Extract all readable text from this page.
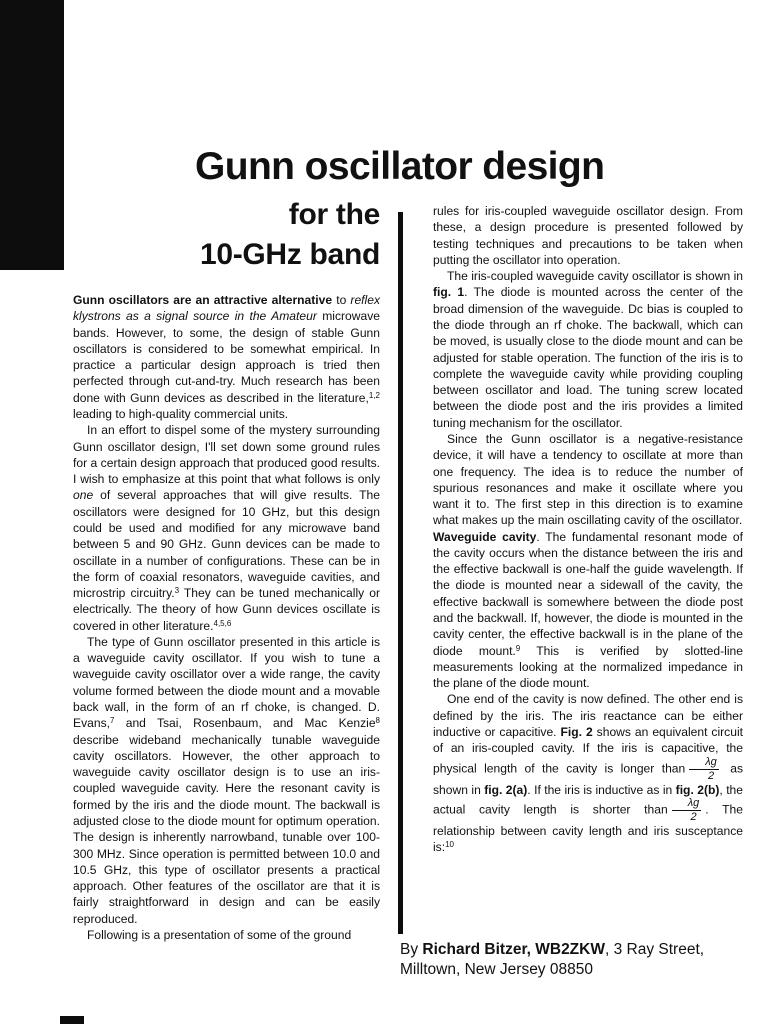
Gunn oscillator design
for the
10-GHz band

Gunn oscillators are an attractive alternative to reflex klystrons as a signal source in the Amateur microwave bands. However, to some, the design of stable Gunn oscillators is considered to be somewhat empirical. In practice a particular design approach is tried then perfected through cut-and-try. Much research has been done with Gunn devices as described in the literature,$^{1,2}$ leading to high-quality commercial units.

In an effort to dispel some of the mystery surrounding Gunn oscillator design, I'll set down some ground rules for a certain design approach that produced good results. I wish to emphasize at this point that what follows is only one of several approaches that will give results. The oscillators were designed for 10 GHz, but this design could be used and modified for any microwave band between 5 and 90 GHz. Gunn devices can be made to oscillate in a number of configurations. These can be in the form of coaxial resonators, waveguide cavities, and microstrip circuitry.$^3$ They can be tuned mechanically or electrically. The theory of how Gunn devices oscillate is covered in other literature.$^{4,5,6}$

The type of Gunn oscillator presented in this article is a waveguide cavity oscillator. If you wish to tune a waveguide cavity oscillator over a wide range, the cavity volume formed between the diode mount and a movable back wall, in the form of an rf choke, is changed. D. Evans,$^7$ and Tsai, Rosenbaum, and Mac Kenzie$^8$ describe wideband mechanically tunable waveguide cavity oscillators. However, the other approach to waveguide cavity oscillator design is to use an iris-coupled waveguide cavity. Here the resonant cavity is formed by the iris and the diode mount. The backwall is adjusted close to the diode mount for optimum operation. The design is inherently narrowband, tunable over 100-300 MHz. Since operation is permitted between 10.0 and 10.5 GHz, this type of oscillator presents a practical approach. Other features of the oscillator are that it is fairly straightforward in design and can be easily reproduced.

Following is a presentation of some of the ground

rules for iris-coupled waveguide oscillator design. From these, a design procedure is presented followed by testing techniques and precautions to be taken when putting the oscillator into operation.

The iris-coupled waveguide cavity oscillator is shown in fig. 1. The diode is mounted across the center of the broad dimension of the waveguide. Dc bias is coupled to the diode through an rf choke. The backwall, which can be moved, is usually close to the diode mount and can be adjusted for stable operation. The function of the iris is to complete the waveguide cavity while providing coupling between oscillator and load. The tuning screw located between the diode post and the iris provides a limited tuning mechanism for the oscillator.

Since the Gunn oscillator is a negative-resistance device, it will have a tendency to oscillate at more than one frequency. The idea is to reduce the number of spurious resonances and make it oscillate where you want it to. The first step in this direction is to examine what makes up the main oscillating cavity of the oscillator.

Waveguide cavity. The fundamental resonant mode of the cavity occurs when the distance between the iris and the effective backwall is one-half the guide wavelength. If the diode is mounted near a sidewall of the cavity, the effective backwall is somewhere between the diode post and the backwall. If, however, the diode is mounted in the cavity center, the effective backwall is in the plane of the diode mount.$^9$ This is verified by slotted-line measurements looking at the normalized impedance in the plane of the diode mount.

One end of the cavity is now defined. The other end is defined by the iris. The iris reactance can be either inductive or capacitive. Fig. 2 shows an equivalent circuit of an iris-coupled cavity. If the iris is capacitive, the physical length of the cavity is longer than $\frac{\lambda g}{2}$ as shown in fig. 2(a). If the iris is inductive as in fig. 2(b), the actual cavity length is shorter than $\frac{\lambda g}{2}$ . The relationship between cavity length and iris susceptance is:$^{10}$

By Richard Bitzer, WB2ZKW, 3 Ray Street,
Milltown, New Jersey 08850
